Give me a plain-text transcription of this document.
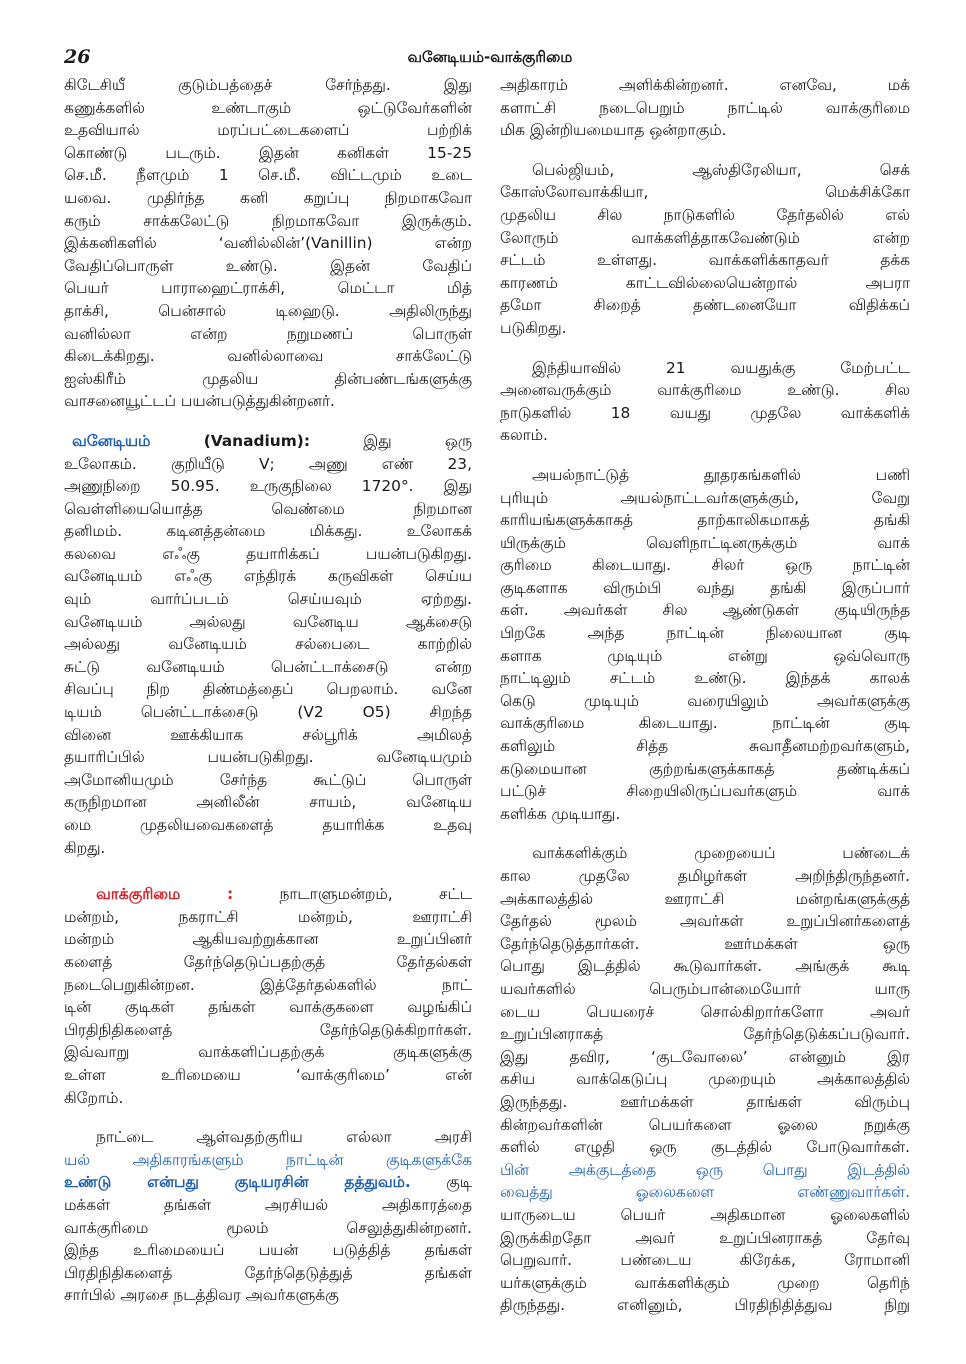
26	வனேடியம்-வாக்குரிமை
கிடேசியீ குடும்பத்தைச் சேர்ந்தது. இது
கணுக்களில் உண்டாகும் ஒட்டுவேர்களின்
உதவியால் மரப்பட்டைகளைப் பற்றிக்
கொண்டு படரும். இதன் கனிகள் 15-25
செ.மீ. நீளமும் 1 செ.மீ. விட்டமும் உடை
யவை. முதிர்ந்த கனி கறுப்பு நிறமாகவோ
கரும் சாக்கலேட்டு நிறமாகவோ இருக்கும்.
இக்கனிகளில் ‘வனில்லின்’(Vanillin) என்ற
வேதிப்பொருள் உண்டு. இதன் வேதிப்
பெயர் பாராஹைட்ராக்சி, மெட்டா மித்
தாக்சி, பென்சால் டிஹைடு. அதிலிருந்து
வனில்லா என்ற நறுமணப் பொருள்
கிடைக்கிறது. வனில்லாவை சாக்லேட்டு
ஐஸ்கிரீம் முதலிய தின்பண்டங்களுக்கு
வாசனையூட்டப் பயன்படுத்துகின்றனர்.
வனேடியம்	(Vanadium):	இது ஒரு
உலோகம். குறியீடு V; அணு எண் 23,
அணுநிறை 50.95. உருகுநிலை 1720°. இது
வெள்ளியையொத்த வெண்மை நிறமான
தனிமம். கடினத்தன்மை மிக்கது. உலோகக்
கலவை எஃகு தயாரிக்கப் பயன்படுகிறது.
வனேடியம் எஃகு எந்திரக் கருவிகள் செய்ய
வும் வார்ப்படம் செய்யவும் ஏற்றது.
வனேடியம் அல்லது வனேடிய ஆக்சைடு
அல்லது வனேடியம் சல்பைடை காற்றில்
சுட்டு வனேடியம் பென்ட்டாக்சைடு என்ற
சிவப்பு நிற திண்மத்தைப் பெறலாம். வனே
டியம் பென்ட்டாக்சைடு (V2 O5) சிறந்த
வினை ஊக்கியாக சல்பூரிக் அமிலத்
தயாரிப்பில் பயன்படுகிறது. வனேடியமும்
அமோனியமும் சேர்ந்த கூட்டுப் பொருள்
கருநிறமான அனிலீன் சாயம், வனேடிய
மை முதலியவைகளைத் தயாரிக்க உதவு
கிறது.
வாக்குரிமை :	நாடாளுமன்றம், சட்ட
மன்றம், நகராட்சி மன்றம், ஊராட்சி
மன்றம் ஆகியவற்றுக்கான உறுப்பினர்
களைத் தேர்ந்தெடுப்பதற்குத் தேர்தல்கள்
நடைபெறுகின்றன. இத்தேர்தல்களில் நாட்
டின் குடிகள் தங்கள் வாக்குகளை வழங்கிப்
பிரதிநிதிகளைத் தேர்ந்தெடுக்கிறார்கள்.
இவ்வாறு வாக்களிப்பதற்குக் குடிகளுக்கு
உள்ள உரிமையை ‘வாக்குரிமை’ என்
கிறோம்.
நாட்டை ஆள்வதற்குரிய எல்லா அரசி
யல் அதிகாரங்களும் நாட்டின் குடிகளுக்கே
உண்டு என்பது குடியரசின் தத்துவம். குடி
மக்கள் தங்கள் அரசியல் அதிகாரத்தை
வாக்குரிமை மூலம் செலுத்துகின்றனர்.
இந்த உரிமையைப் பயன் படுத்தித் தங்கள்
பிரதிநிதிகளைத் தேர்ந்தெடுத்துத் தங்கள்
சார்பில் அரசை நடத்திவர அவர்களுக்கு
அதிகாரம் அளிக்கின்றனர். எனவே, மக்
களாட்சி நடைபெறும் நாட்டில் வாக்குரிமை
மிக இன்றியமையாத ஒன்றாகும்.
பெல்ஜியம், ஆஸ்திரேலியா, செக்
கோஸ்லோவாக்கியா, மெக்சிக்கோ
முதலிய சில நாடுகளில் தேர்தலில் எல்
லோரும் வாக்களித்தாகவேண்டும் என்ற
சட்டம் உள்ளது. வாக்களிக்காதவர் தக்க
காரணம் காட்டவில்லையென்றால் அபரா
தமோ சிறைத் தண்டனையோ விதிக்கப்
படுகிறது.
இந்தியாவில் 21 வயதுக்கு மேற்பட்ட
அனைவருக்கும் வாக்குரிமை உண்டு. சில
நாடுகளில் 18 வயது முதலே வாக்களிக்
கலாம்.
அயல்நாட்டுத் தூதரகங்களில் பணி
புரியும் அயல்நாட்டவர்களுக்கும், வேறு
காரியங்களுக்காகத் தாற்காலிகமாகத் தங்கி
யிருக்கும் வெளிநாட்டினருக்கும் வாக்
குரிமை கிடையாது. சிலர் ஒரு நாட்டின்
குடிகளாக விரும்பி வந்து தங்கி இருப்பார்
கள். அவர்கள் சில ஆண்டுகள் குடியிருந்த
பிறகே அந்த நாட்டின் நிலையான குடி
களாக முடியும் என்று ஒவ்வொரு
நாட்டிலும் சட்டம் உண்டு. இந்தக் காலக்
கெடு முடியும் வரையிலும் அவர்களுக்கு
வாக்குரிமை கிடையாது. நாட்டின் குடி
களிலும் சித்த சுவாதீனமற்றவர்களும்,
கடுமையான குற்றங்களுக்காகத் தண்டிக்கப்
பட்டுச் சிறையிலிருப்பவர்களும் வாக்
களிக்க முடியாது.
வாக்களிக்கும் முறையைப் பண்டைக்
கால முதலே தமிழர்கள் அறிந்திருந்தனர்.
அக்காலத்தில் ஊராட்சி மன்றங்களுக்குத்
தேர்தல் மூலம் அவர்கள் உறுப்பினர்களைத்
தேர்ந்தெடுத்தார்கள். ஊர்மக்கள் ஒரு
பொது இடத்தில் கூடுவார்கள். அங்குக் கூடி
யவர்களில் பெரும்பான்மையோர் யாரு
டைய பெயரைச் சொல்கிறார்களோ அவர்
உறுப்பினராகத் தேர்ந்தெடுக்கப்படுவார்.
இது தவிர, ‘குடவோலை’ என்னும் இர
கசிய வாக்கெடுப்பு முறையும் அக்காலத்தில்
இருந்தது. ஊர்மக்கள் தாங்கள் விரும்பு
கின்றவர்களின் பெயர்களை ஓலை நறுக்கு
களில் எழுதி ஒரு குடத்தில் போடுவார்கள்.
பின் அக்குடத்தை ஒரு பொது இடத்தில்
வைத்து ஓலைகளை எண்ணுவார்கள்.
யாருடைய பெயர் அதிகமான ஓலைகளில்
இருக்கிறதோ அவர் உறுப்பினராகத் தேர்வு
பெறுவார். பண்டைய கிரேக்க, ரோமானி
யர்களுக்கும் வாக்களிக்கும் முறை தெரிந்
திருந்தது. எனினும், பிரதிநிதித்துவ நிறு
